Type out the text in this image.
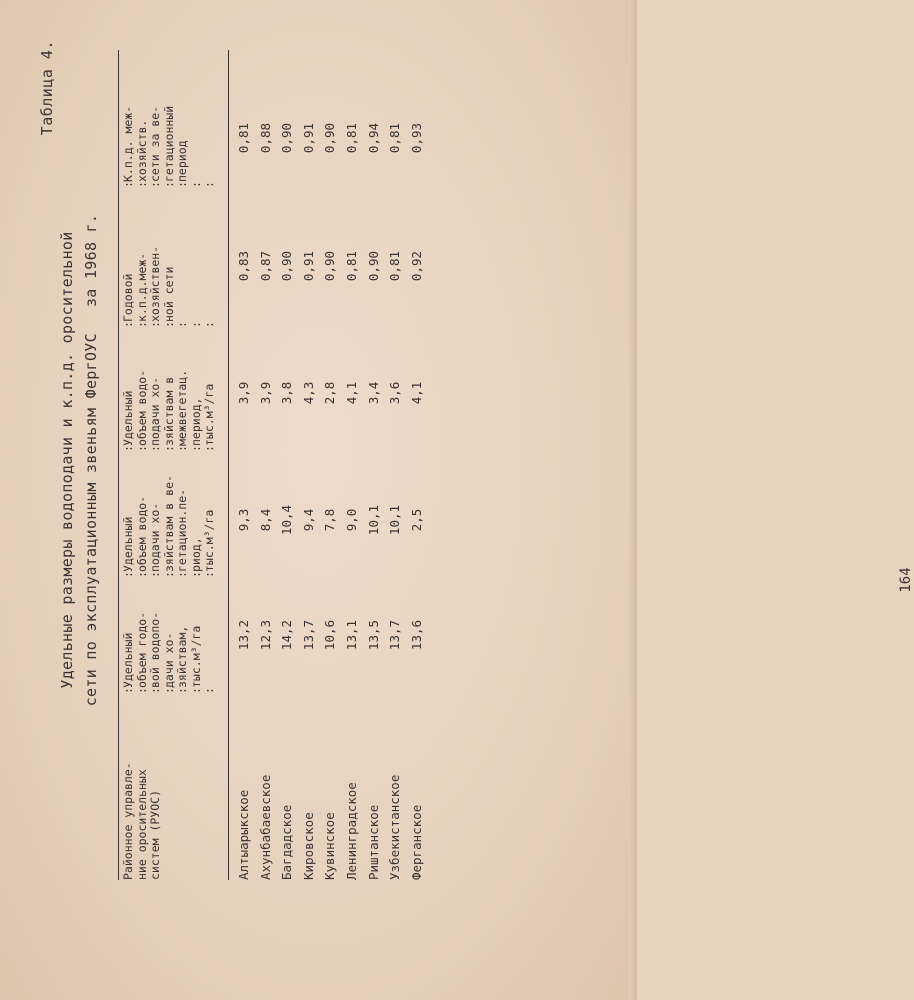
Таблица 4.
Удельные размеры водоподачи и к.п.д. оросительной сети по эксплуатационным звеньям ФергОУСза 1968 г.
Районное управле-
ние оросительных
систем (РУОС)
:
:
:
:
:
:
:
Удельный
объем годо-
вой водопо-
дачи хо-
зяйствам,
тыс.м³/га
:
:
:
:
:
:
:
Удельный
объем водо-
подачи хо-
зяйствам в ве-
гетацион.пе-
риод,
тыс.м³/га
:
:
:
:
:
:
:
Удельный
объем водо-
подачи хо-
зяйствам в
межвегетац.
период,
тыс.м³/га
:
:
:
:
:
:
:
Годовой
к.п.д.меж-
хозяйствен-
ной сети
:
:
:
:
:
:
:
К.п.д. меж-
хозяйств.
сети за ве-
гетационный
период
Алтыарыкское
13,2
9,3
3,9
0,83
0,81
Ахунбабаевское
12,3
8,4
3,9
0,87
0,88
Багдадское
14,2
10,4
3,8
0,90
0,90
Кировское
13,7
9,4
4,3
0,91
0,91
Кувинское
10,6
7,8
2,8
0,90
0,90
Ленинградское
13,1
9,0
4,1
0,81
0,81
Риштанское
13,5
10,1
3,4
0,90
0,94
Узбекистанское
13,7
10,1
3,6
0,81
0,81
Ферганское
13,6
2,5
4,1
0,92
0,93
164
